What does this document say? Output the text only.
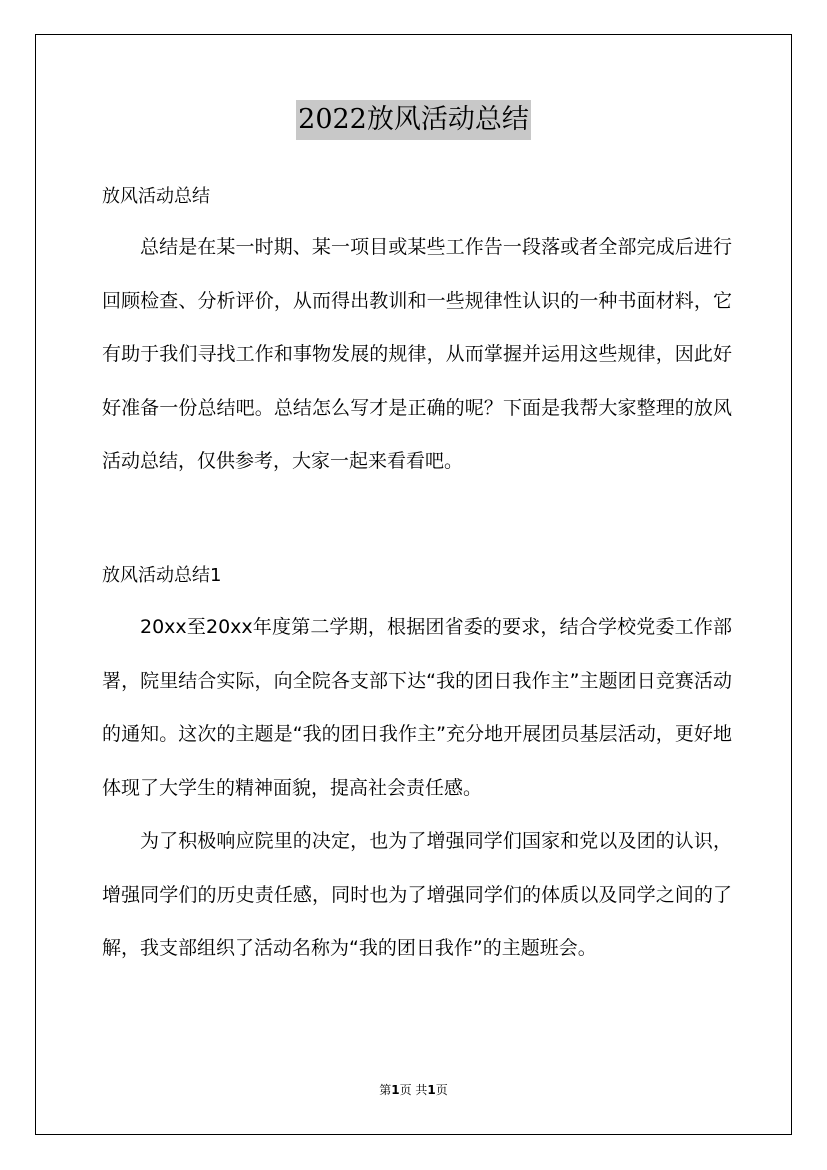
2022放风活动总结
放风活动总结

总结是在某一时期、某一项目或某些工作告一段落或者全部完成后进行回顾检查、分析评价，从而得出教训和一些规律性认识的一种书面材料，它有助于我们寻找工作和事物发展的规律，从而掌握并运用这些规律，因此好好准备一份总结吧。总结怎么写才是正确的呢？下面是我帮大家整理的放风活动总结，仅供参考，大家一起来看看吧。

放风活动总结1

20xx至20xx年度第二学期，根据团省委的要求，结合学校党委工作部署，院里结合实际，向全院各支部下达“我的团日我作主”主题团日竞赛活动的通知。这次的主题是“我的团日我作主”充分地开展团员基层活动，更好地体现了大学生的精神面貌，提高社会责任感。

为了积极响应院里的决定，也为了增强同学们国家和党以及团的认识，增强同学们的历史责任感，同时也为了增强同学们的体质以及同学之间的了解，我支部组织了活动名称为“我的团日我作”的主题班会。

第1页 共1页
